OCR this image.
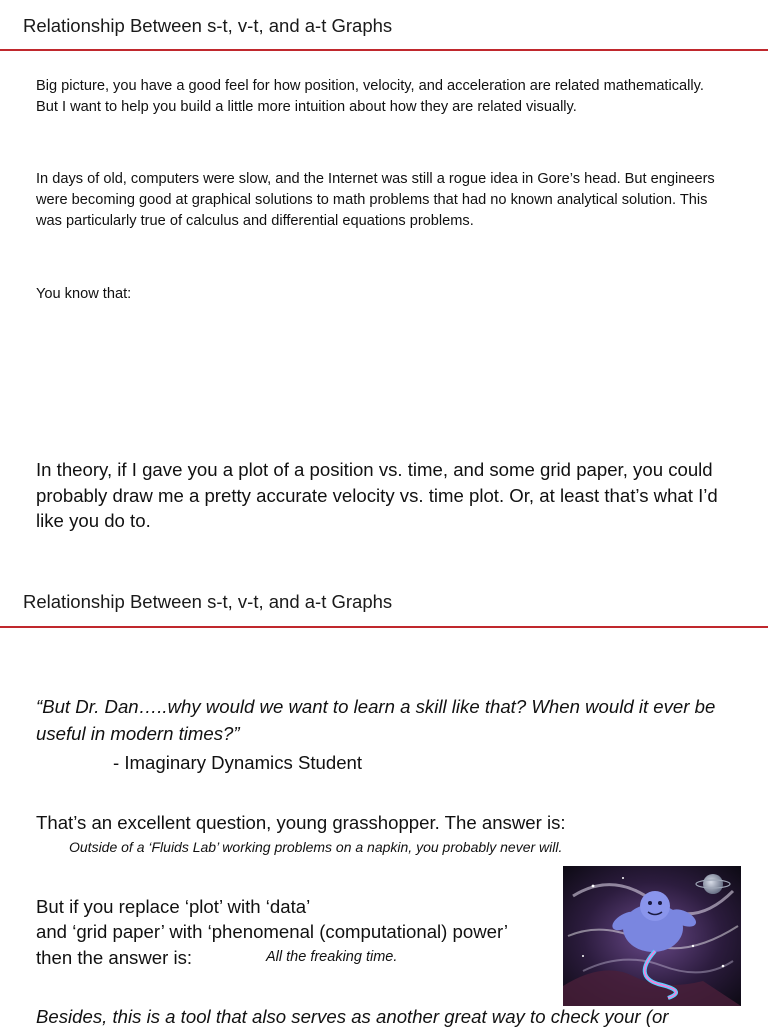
Relationship Between s-t, v-t, and a-t Graphs
Big picture, you have a good feel for how position, velocity, and acceleration are related mathematically. But I want to help you build a little more intuition about how they are related visually.
In days of old, computers were slow, and the Internet was still a rogue idea in Gore’s head. But engineers were becoming good at graphical solutions to math problems that had no known analytical solution. This was particularly true of calculus and differential equations problems.
You know that:
In theory, if I gave you a plot of a position vs. time, and some grid paper, you could probably draw me a pretty accurate velocity vs. time plot. Or, at least that’s what I’d like you do to.
Relationship Between s-t, v-t, and a-t Graphs
“But Dr. Dan…..why would we want to learn a skill like that? When would it ever be useful in modern times?”
- Imaginary Dynamics Student
That’s an excellent question, young grasshopper. The answer is:
Outside of a ‘Fluids Lab’ working problems on a napkin, you probably never will.
But if you replace ‘plot’ with ‘data’
and ‘grid paper’ with ‘phenomenal (computational) power’
then the answer is:	All the freaking time.
Besides, this is a tool that also serves as another great way to check your (or
